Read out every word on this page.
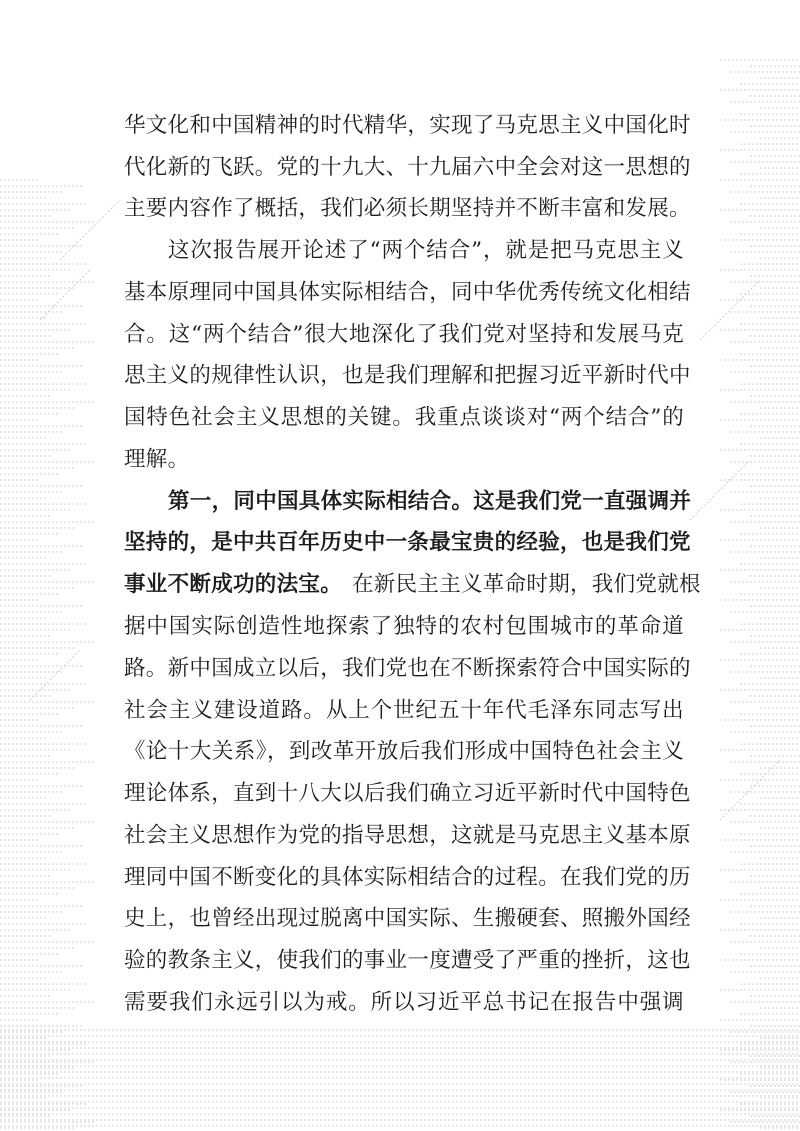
华文化和中国精神的时代精华，实现了马克思主义中国化时
代化新的飞跃。党的十九大、十九届六中全会对这一思想的
主要内容作了概括，我们必须长期坚持并不断丰富和发展。
这次报告展开论述了“两个结合”，就是把马克思主义
基本原理同中国具体实际相结合，同中华优秀传统文化相结
合。这“两个结合”很大地深化了我们党对坚持和发展马克
思主义的规律性认识，也是我们理解和把握习近平新时代中
国特色社会主义思想的关键。我重点谈谈对“两个结合”的
理解。
第一，同中国具体实际相结合。这是我们党一直强调并
坚持的，是中共百年历史中一条最宝贵的经验，也是我们党
事业不断成功的法宝。 在新民主主义革命时期，我们党就根
据中国实际创造性地探索了独特的农村包围城市的革命道
路。新中国成立以后，我们党也在不断探索符合中国实际的
社会主义建设道路。从上个世纪五十年代毛泽东同志写出
《论十大关系》，到改革开放后我们形成中国特色社会主义
理论体系，直到十八大以后我们确立习近平新时代中国特色
社会主义思想作为党的指导思想，这就是马克思主义基本原
理同中国不断变化的具体实际相结合的过程。在我们党的历
史上，也曾经出现过脱离中国实际、生搬硬套、照搬外国经
验的教条主义，使我们的事业一度遭受了严重的挫折，这也
需要我们永远引以为戒。所以习近平总书记在报告中强调
